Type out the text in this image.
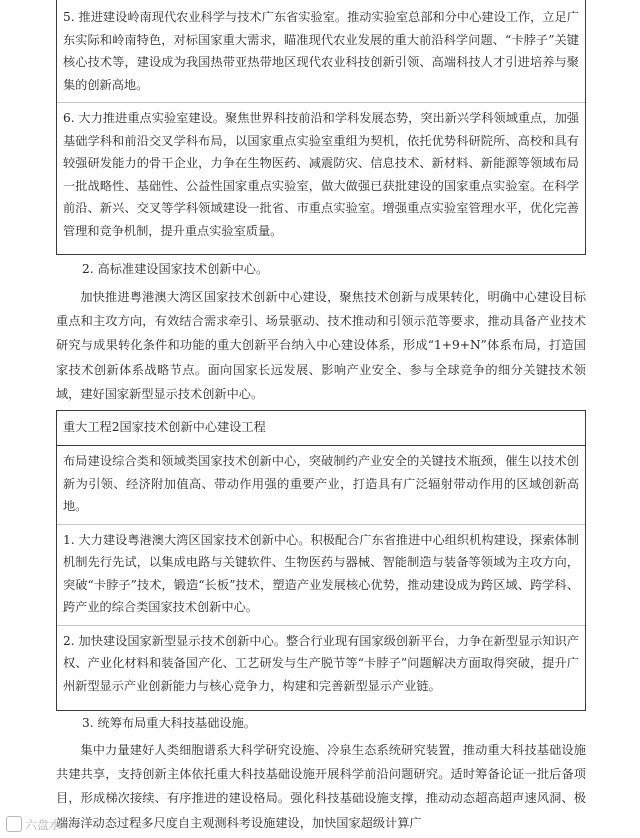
5. 推进建设岭南现代农业科学与技术广东省实验室。推动实验室总部和分中心建设工作，立足广东实际和岭南特色，对标国家重大需求，瞄准现代农业发展的重大前沿科学问题、“卡脖子”关键核心技术等，建设成为我国热带亚热带地区现代农业科技创新引领、高端科技人才引进培养与聚集的创新高地。

6. 大力推进重点实验室建设。聚焦世界科技前沿和学科发展态势，突出新兴学科领域重点，加强基础学科和前沿交叉学科布局，以国家重点实验室重组为契机，依托优势科研院所、高校和具有较强研发能力的骨干企业，力争在生物医药、减震防灾、信息技术、新材料、新能源等领域布局一批战略性、基础性、公益性国家重点实验室，做大做强已获批建设的国家重点实验室。在科学前沿、新兴、交叉等学科领域建设一批省、市重点实验室。增强重点实验室管理水平，优化完善管理和竞争机制，提升重点实验室质量。

2. 高标准建设国家技术创新中心。

加快推进粤港澳大湾区国家技术创新中心建设，聚焦技术创新与成果转化，明确中心建设目标重点和主攻方向，有效结合需求牵引、场景驱动、技术推动和引领示范等要求，推动具备产业技术研究与成果转化条件和功能的重大创新平台纳入中心建设体系，形成“1+9+N”体系布局，打造国家技术创新体系战略节点。面向国家长远发展、影响产业安全、参与全球竞争的细分关键技术领域，建好国家新型显示技术创新中心。

重大工程2国家技术创新中心建设工程

布局建设综合类和领域类国家技术创新中心，突破制约产业安全的关键技术瓶颈，催生以技术创新为引领、经济附加值高、带动作用强的重要产业，打造具有广泛辐射带动作用的区域创新高地。

1. 大力建设粤港澳大湾区国家技术创新中心。积极配合广东省推进中心组织机构建设，探索体制机制先行先试，以集成电路与关键软件、生物医药与器械、智能制造与装备等领域为主攻方向，突破“卡脖子”技术，锻造“长板”技术，塑造产业发展核心优势，推动建设成为跨区域、跨学科、跨产业的综合类国家技术创新中心。

2. 加快建设国家新型显示技术创新中心。整合行业现有国家级创新平台，力争在新型显示知识产权、产业化材料和装备国产化、工艺研发与生产脱节等“卡脖子”问题解决方面取得突破，提升广州新型显示产业创新能力与核心竞争力，构建和完善新型显示产业链。

3. 统筹布局重大科技基础设施。

集中力量建好人类细胞谱系大科学研究设施、冷泉生态系统研究装置，推动重大科技基础设施共建共享，支持创新主体依托重大科技基础设施开展科学前沿问题研究。适时筹备论证一批后备项目，形成梯次接续、有序推进的建设格局。强化科技基础设施支撑，推动动态超高超声速风洞、极端海洋动态过程多尺度自主观测科考设施建设，加快国家超级计算广

六盘水
